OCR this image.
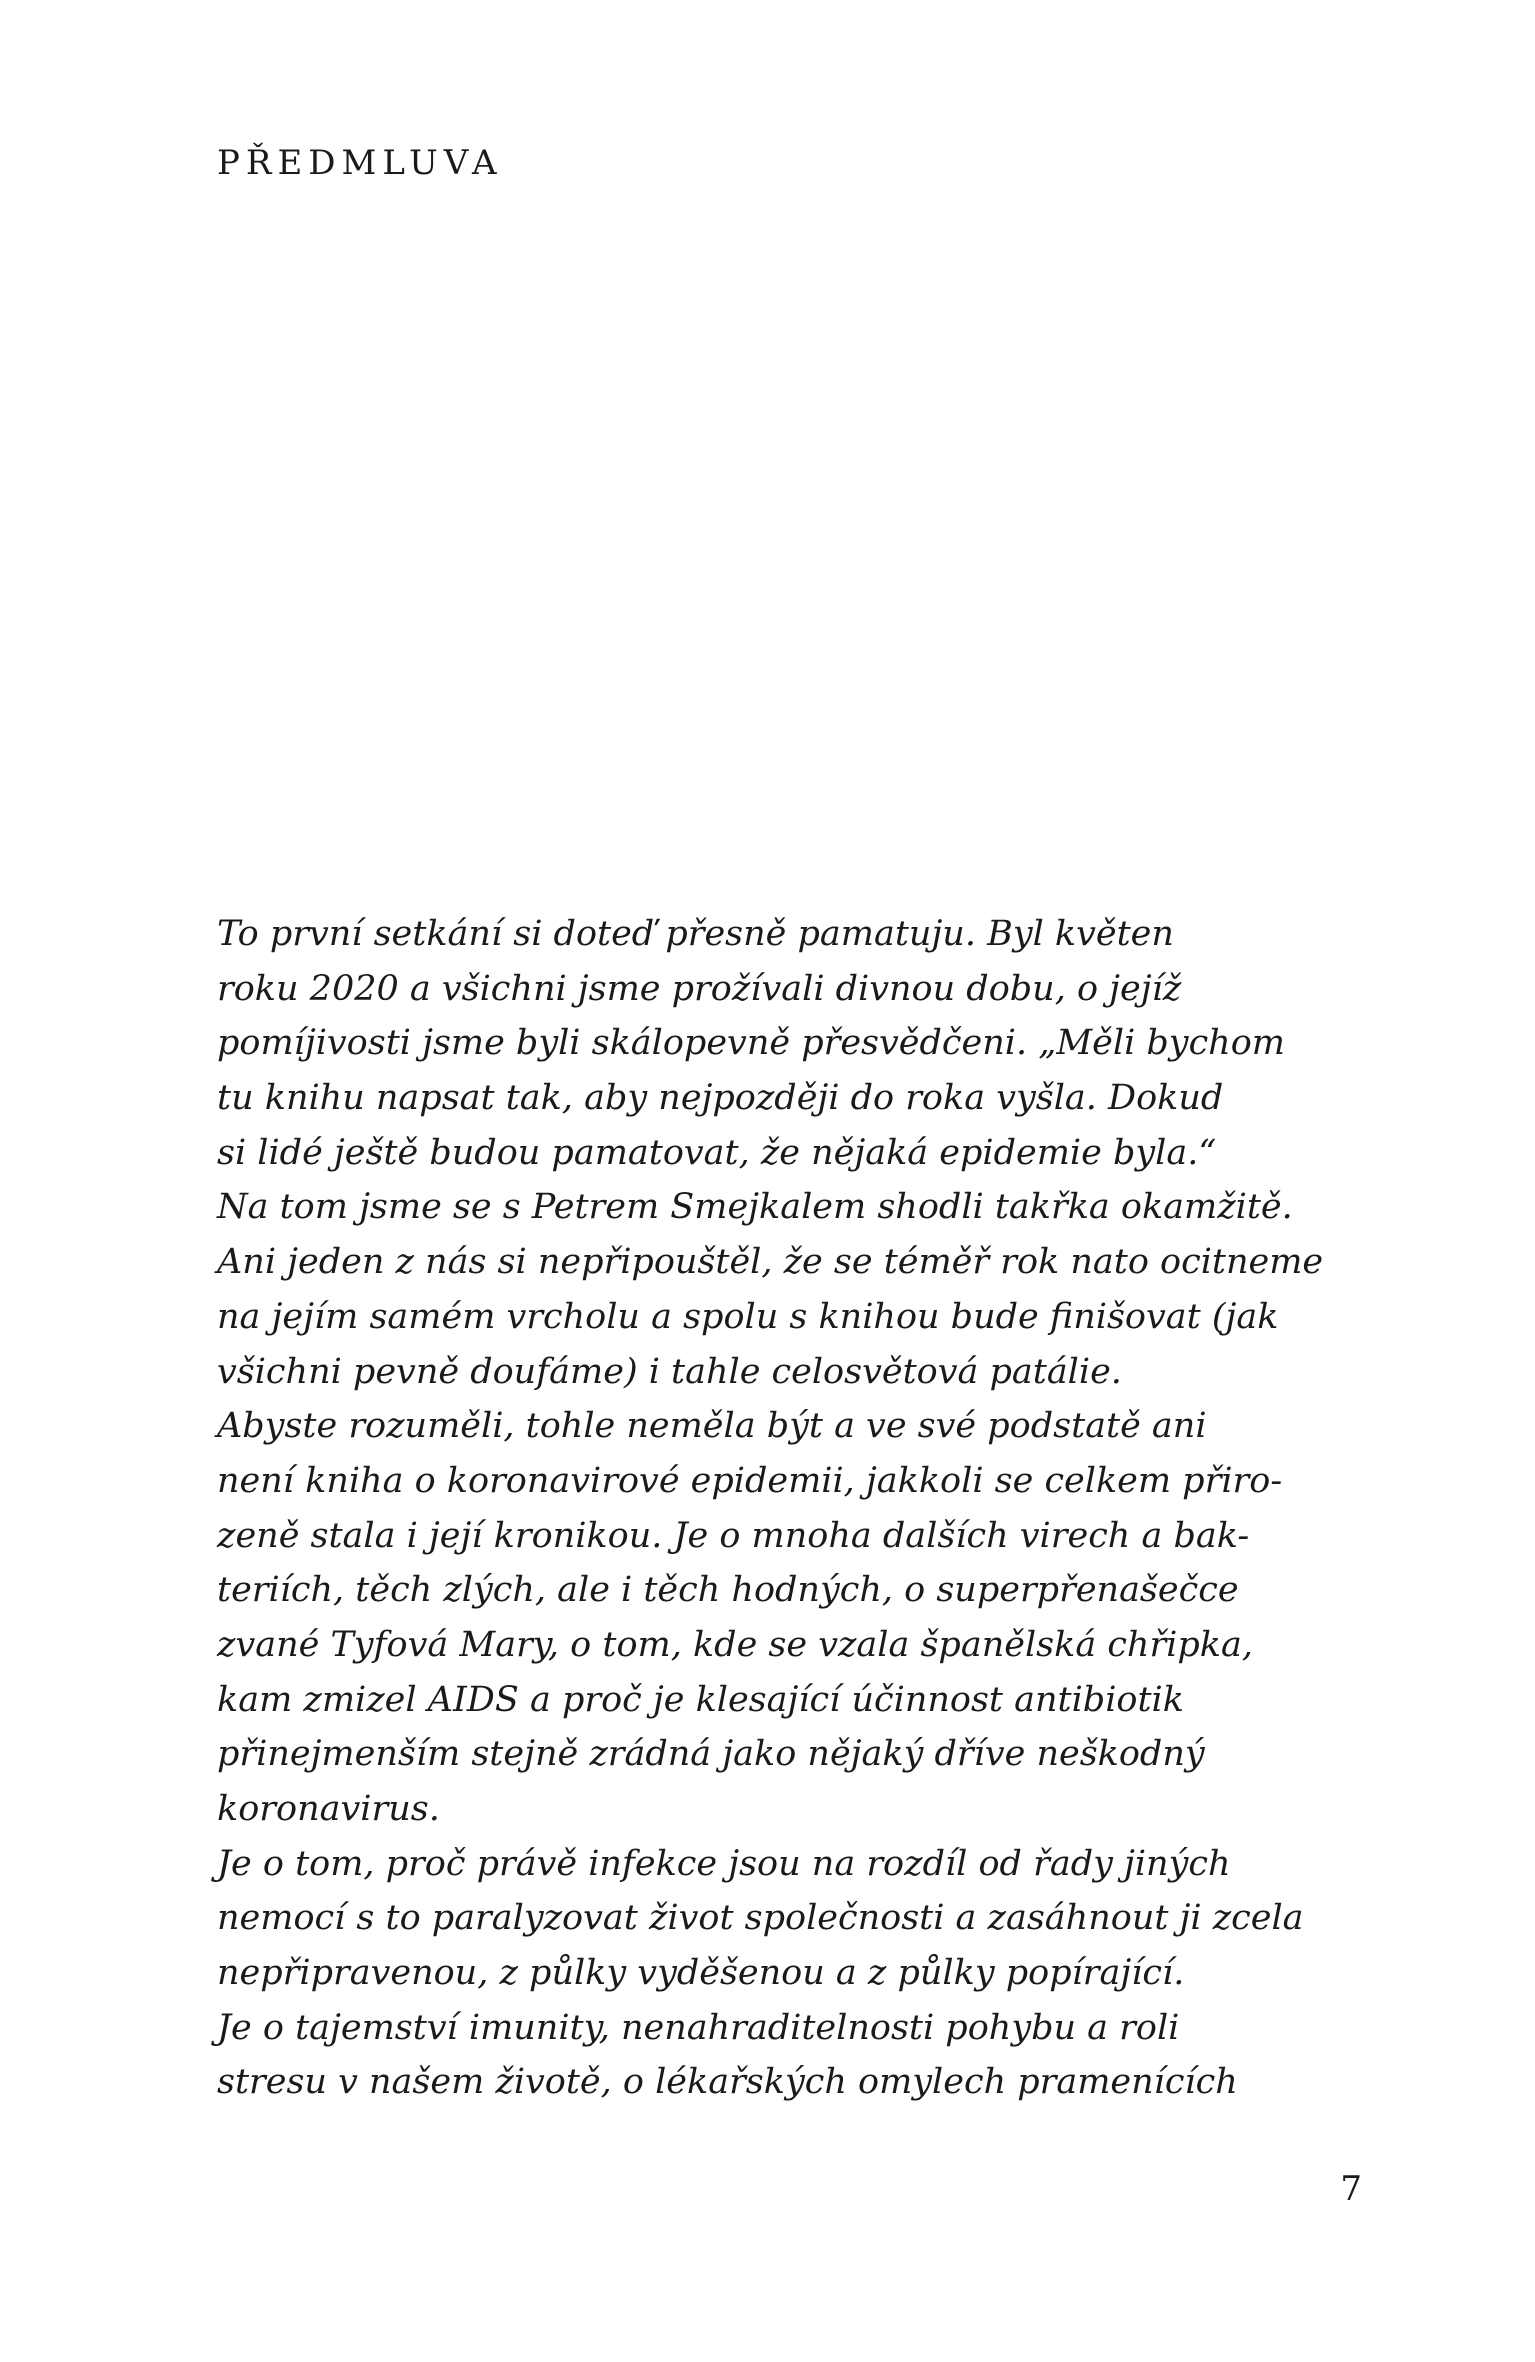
PŘEDMLUVA
To první setkání si doteď přesně pamatuju. Byl květen
roku 2020 a všichni jsme prožívali divnou dobu, o jejíž
pomíjivosti jsme byli skálopevně přesvědčeni. „Měli bychom
tu knihu napsat tak, aby nejpozději do roka vyšla. Dokud
si lidé ještě budou pamatovat, že nějaká epidemie byla.“
Na tom jsme se s Petrem Smejkalem shodli takřka okamžitě.
Ani jeden z nás si nepřipouštěl, že se téměř rok nato ocitneme
na jejím samém vrcholu a spolu s knihou bude finišovat (jak
všichni pevně doufáme) i tahle celosvětová patálie.
Abyste rozuměli, tohle neměla být a ve své podstatě ani
není kniha o koronavirové epidemii, jakkoli se celkem přiro-
zeně stala i její kronikou. Je o mnoha dalších virech a bak-
teriích, těch zlých, ale i těch hodných, o superpřenašečce
zvané Tyfová Mary, o tom, kde se vzala španělská chřipka,
kam zmizel AIDS a proč je klesající účinnost antibiotik
přinejmenším stejně zrádná jako nějaký dříve neškodný
koronavirus.
Je o tom, proč právě infekce jsou na rozdíl od řady jiných
nemocí s to paralyzovat život společnosti a zasáhnout ji zcela
nepřipravenou, z půlky vyděšenou a z půlky popírající.
Je o tajemství imunity, nenahraditelnosti pohybu a roli
stresu v našem životě, o lékařských omylech pramenících
7
